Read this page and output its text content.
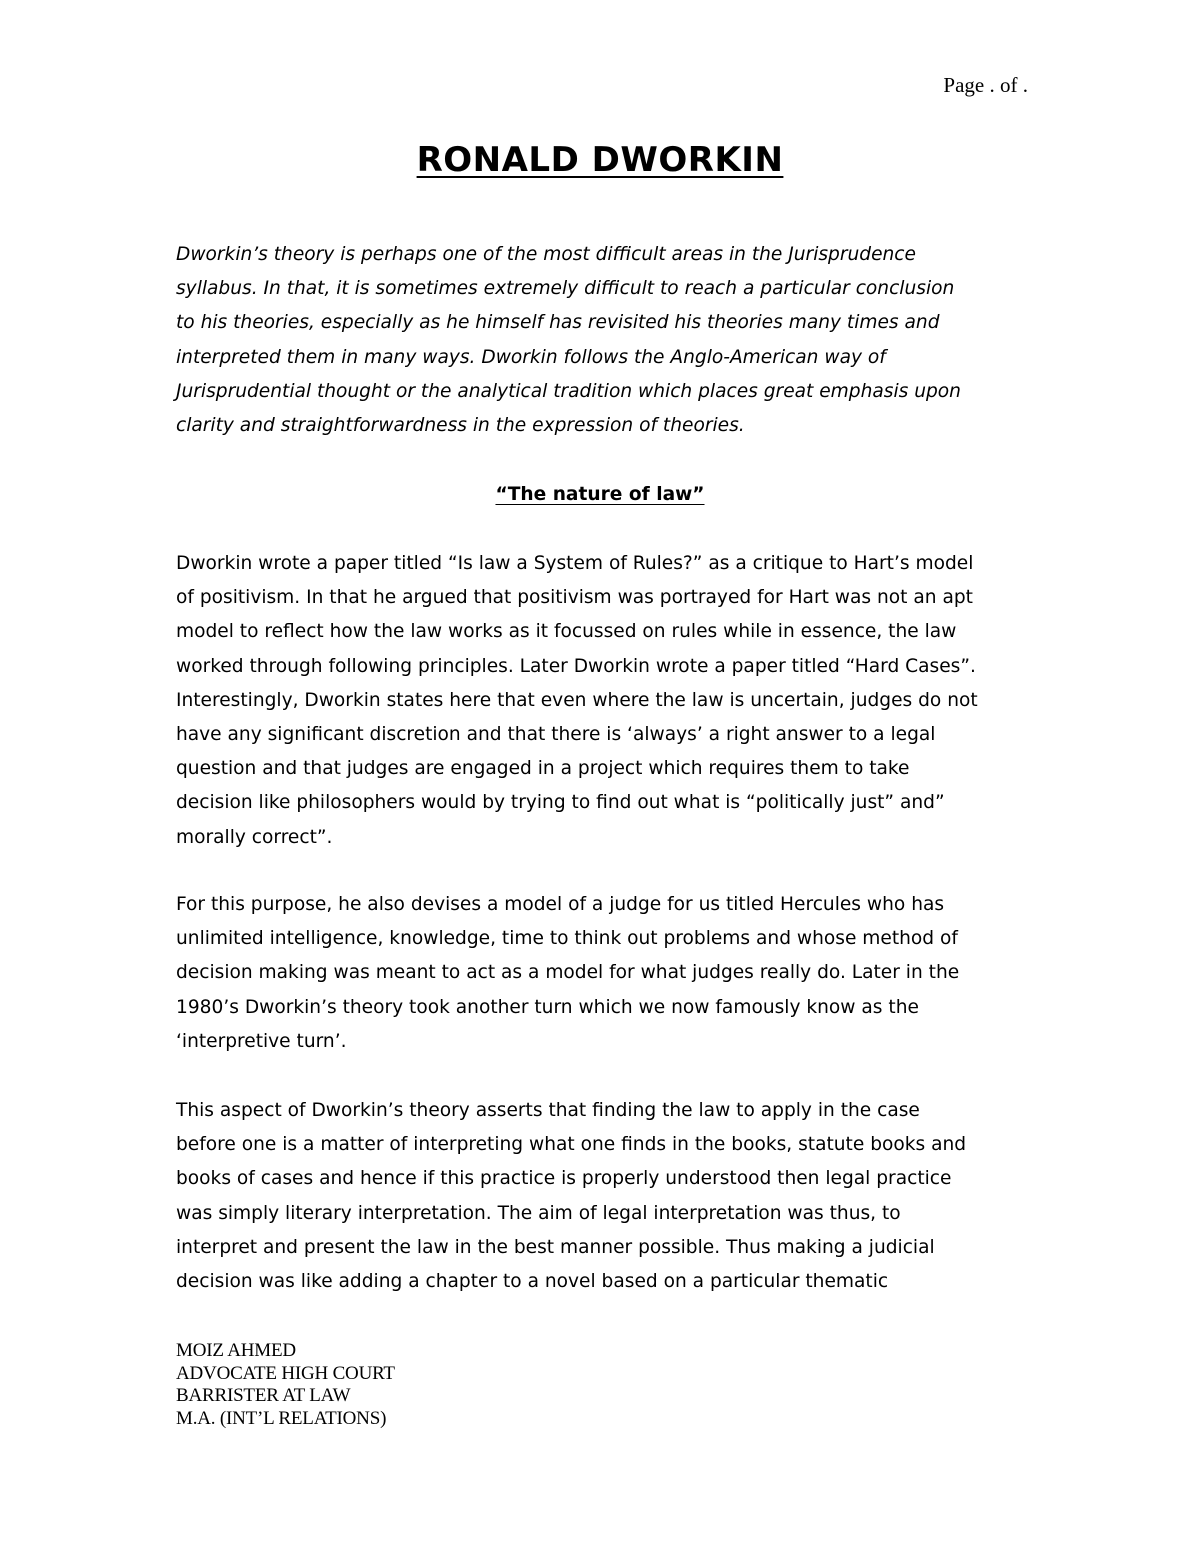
Page . of .
RONALD DWORKIN
Dworkin’s theory is perhaps one of the most difficult areas in the Jurisprudence
syllabus. In that, it is sometimes extremely difficult to reach a particular conclusion
to his theories, especially as he himself has revisited his theories many times and
interpreted them in many ways. Dworkin follows the Anglo-American way of
Jurisprudential thought or the analytical tradition which places great emphasis upon
clarity and straightforwardness in the expression of theories.
“The nature of law”
Dworkin wrote a paper titled “Is law a System of Rules?” as a critique to Hart’s model
of positivism. In that he argued that positivism was portrayed for Hart was not an apt
model to reflect how the law works as it focussed on rules while in essence, the law
worked through following principles. Later Dworkin wrote a paper titled “Hard Cases”.
Interestingly, Dworkin states here that even where the law is uncertain, judges do not
have any significant discretion and that there is ‘always’ a right answer to a legal
question and that judges are engaged in a project which requires them to take
decision like philosophers would by trying to find out what is “politically just” and”
morally correct”.
For this purpose, he also devises a model of a judge for us titled Hercules who has
unlimited intelligence, knowledge, time to think out problems and whose method of
decision making was meant to act as a model for what judges really do. Later in the
1980’s Dworkin’s theory took another turn which we now famously know as the
‘interpretive turn’.
This aspect of Dworkin’s theory asserts that finding the law to apply in the case
before one is a matter of interpreting what one finds in the books, statute books and
books of cases and hence if this practice is properly understood then legal practice
was simply literary interpretation. The aim of legal interpretation was thus, to
interpret and present the law in the best manner possible. Thus making a judicial
decision was like adding a chapter to a novel based on a particular thematic
MOIZ AHMED
ADVOCATE HIGH COURT
BARRISTER AT LAW
M.A. (INT’L RELATIONS)
